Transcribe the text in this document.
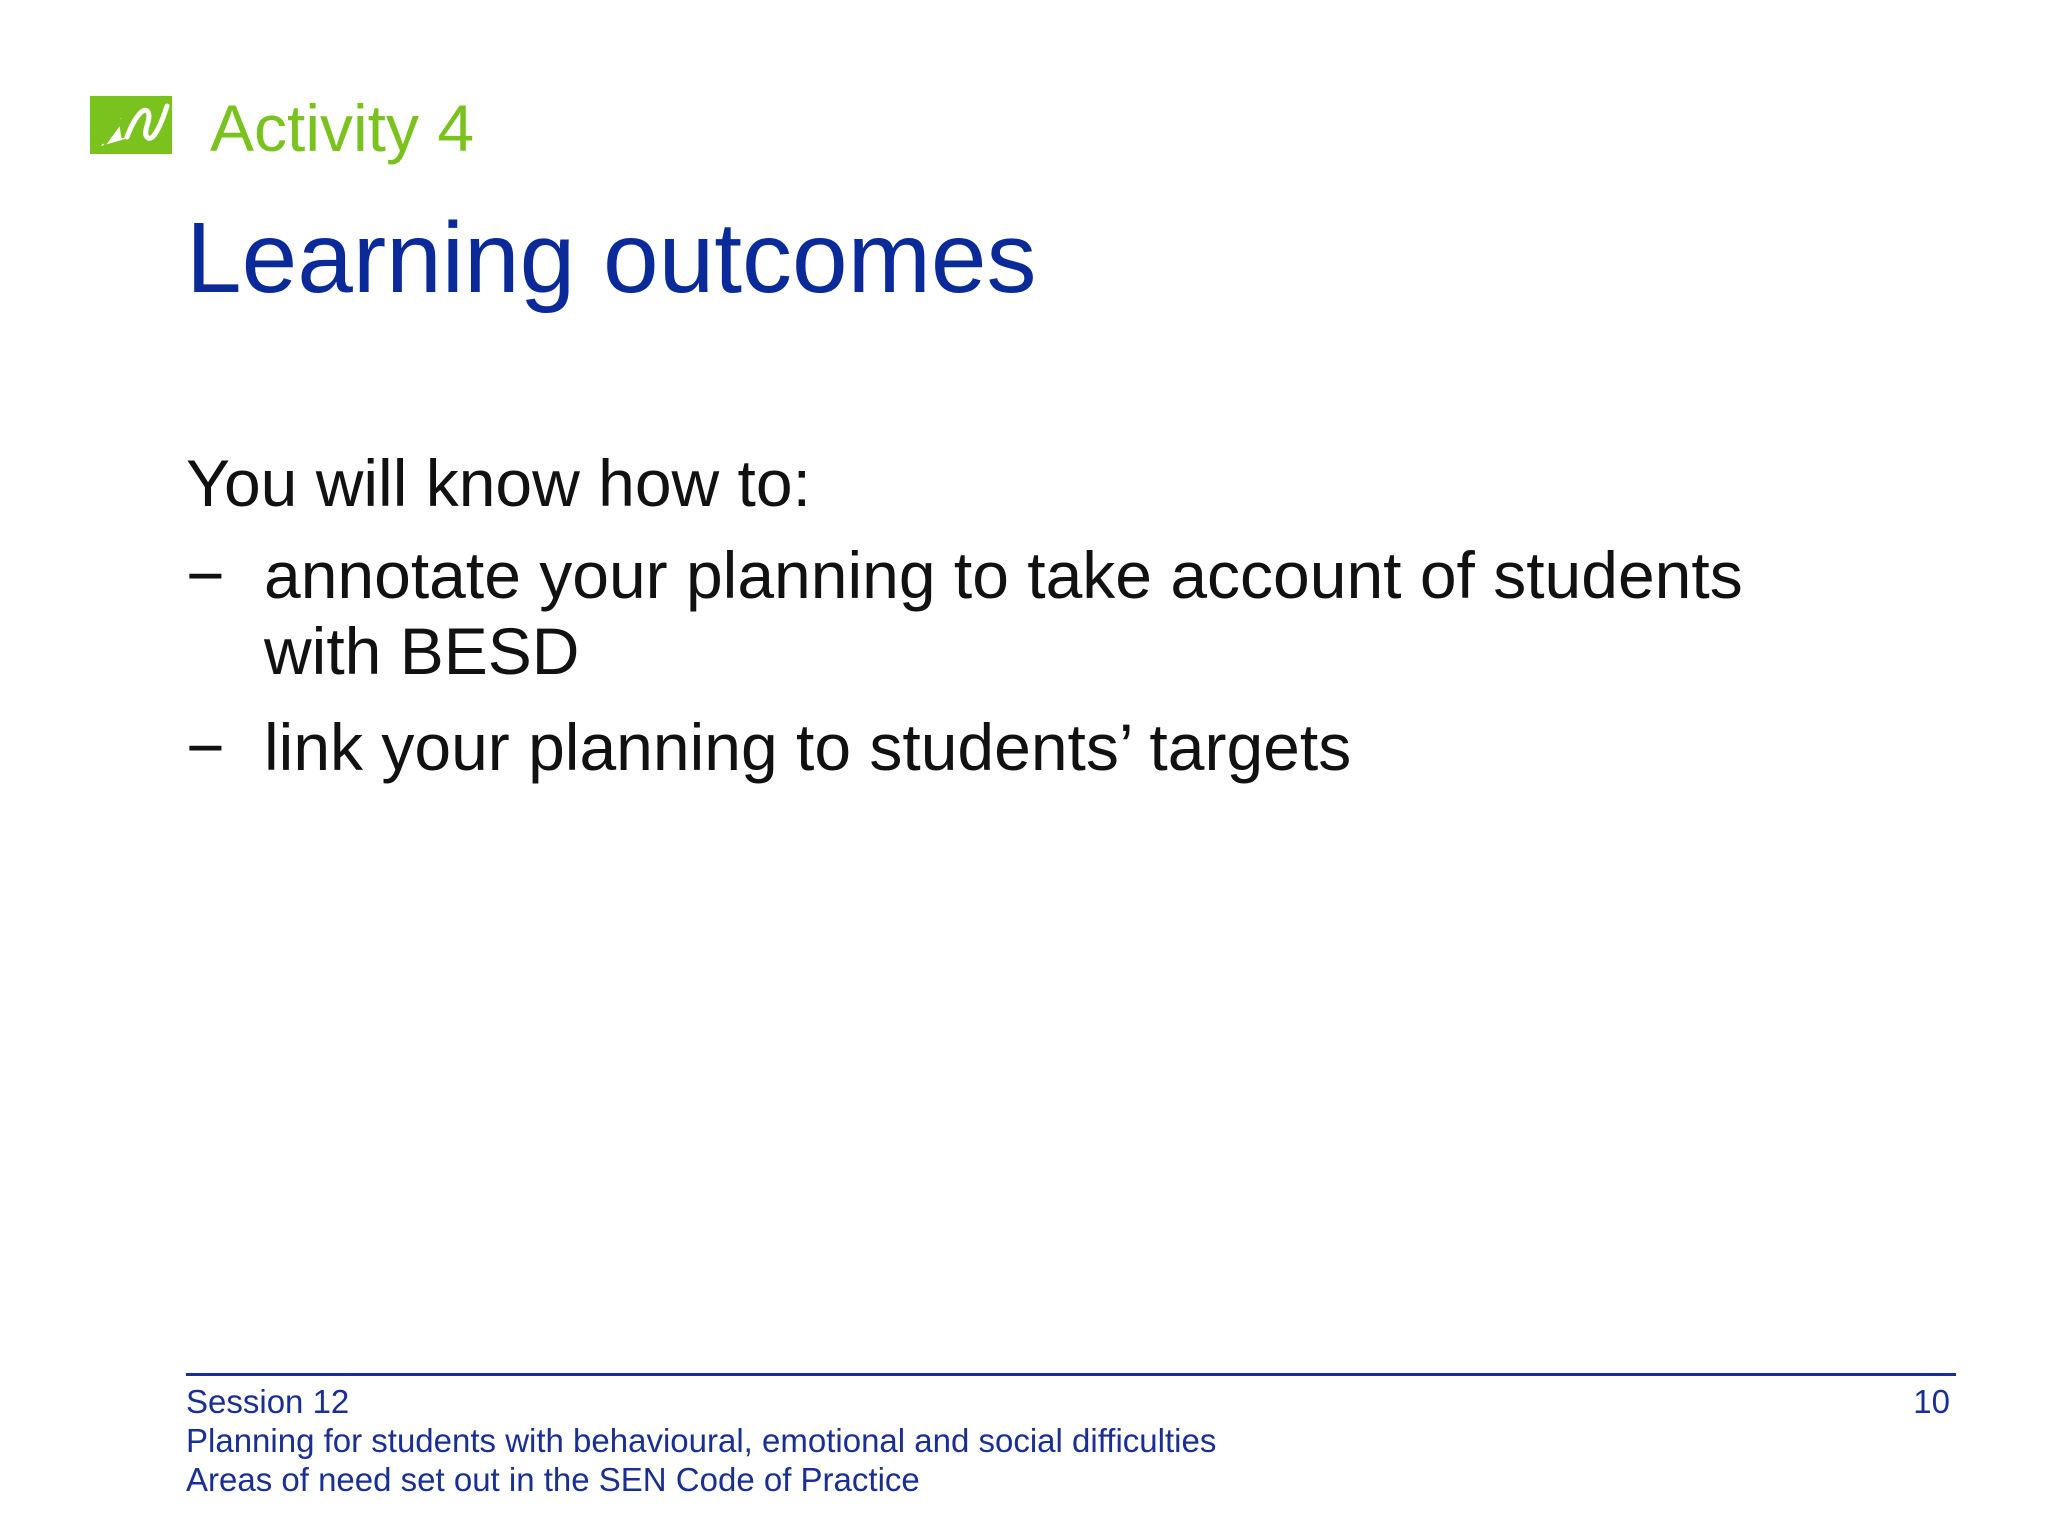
Activity 4
Learning outcomes
You will know how to:
− annotate your planning to take account of students with BESD
− link your planning to students’ targets
Session 12
Planning for students with behavioural, emotional and social difficulties
Areas of need set out in the SEN Code of Practice
10
